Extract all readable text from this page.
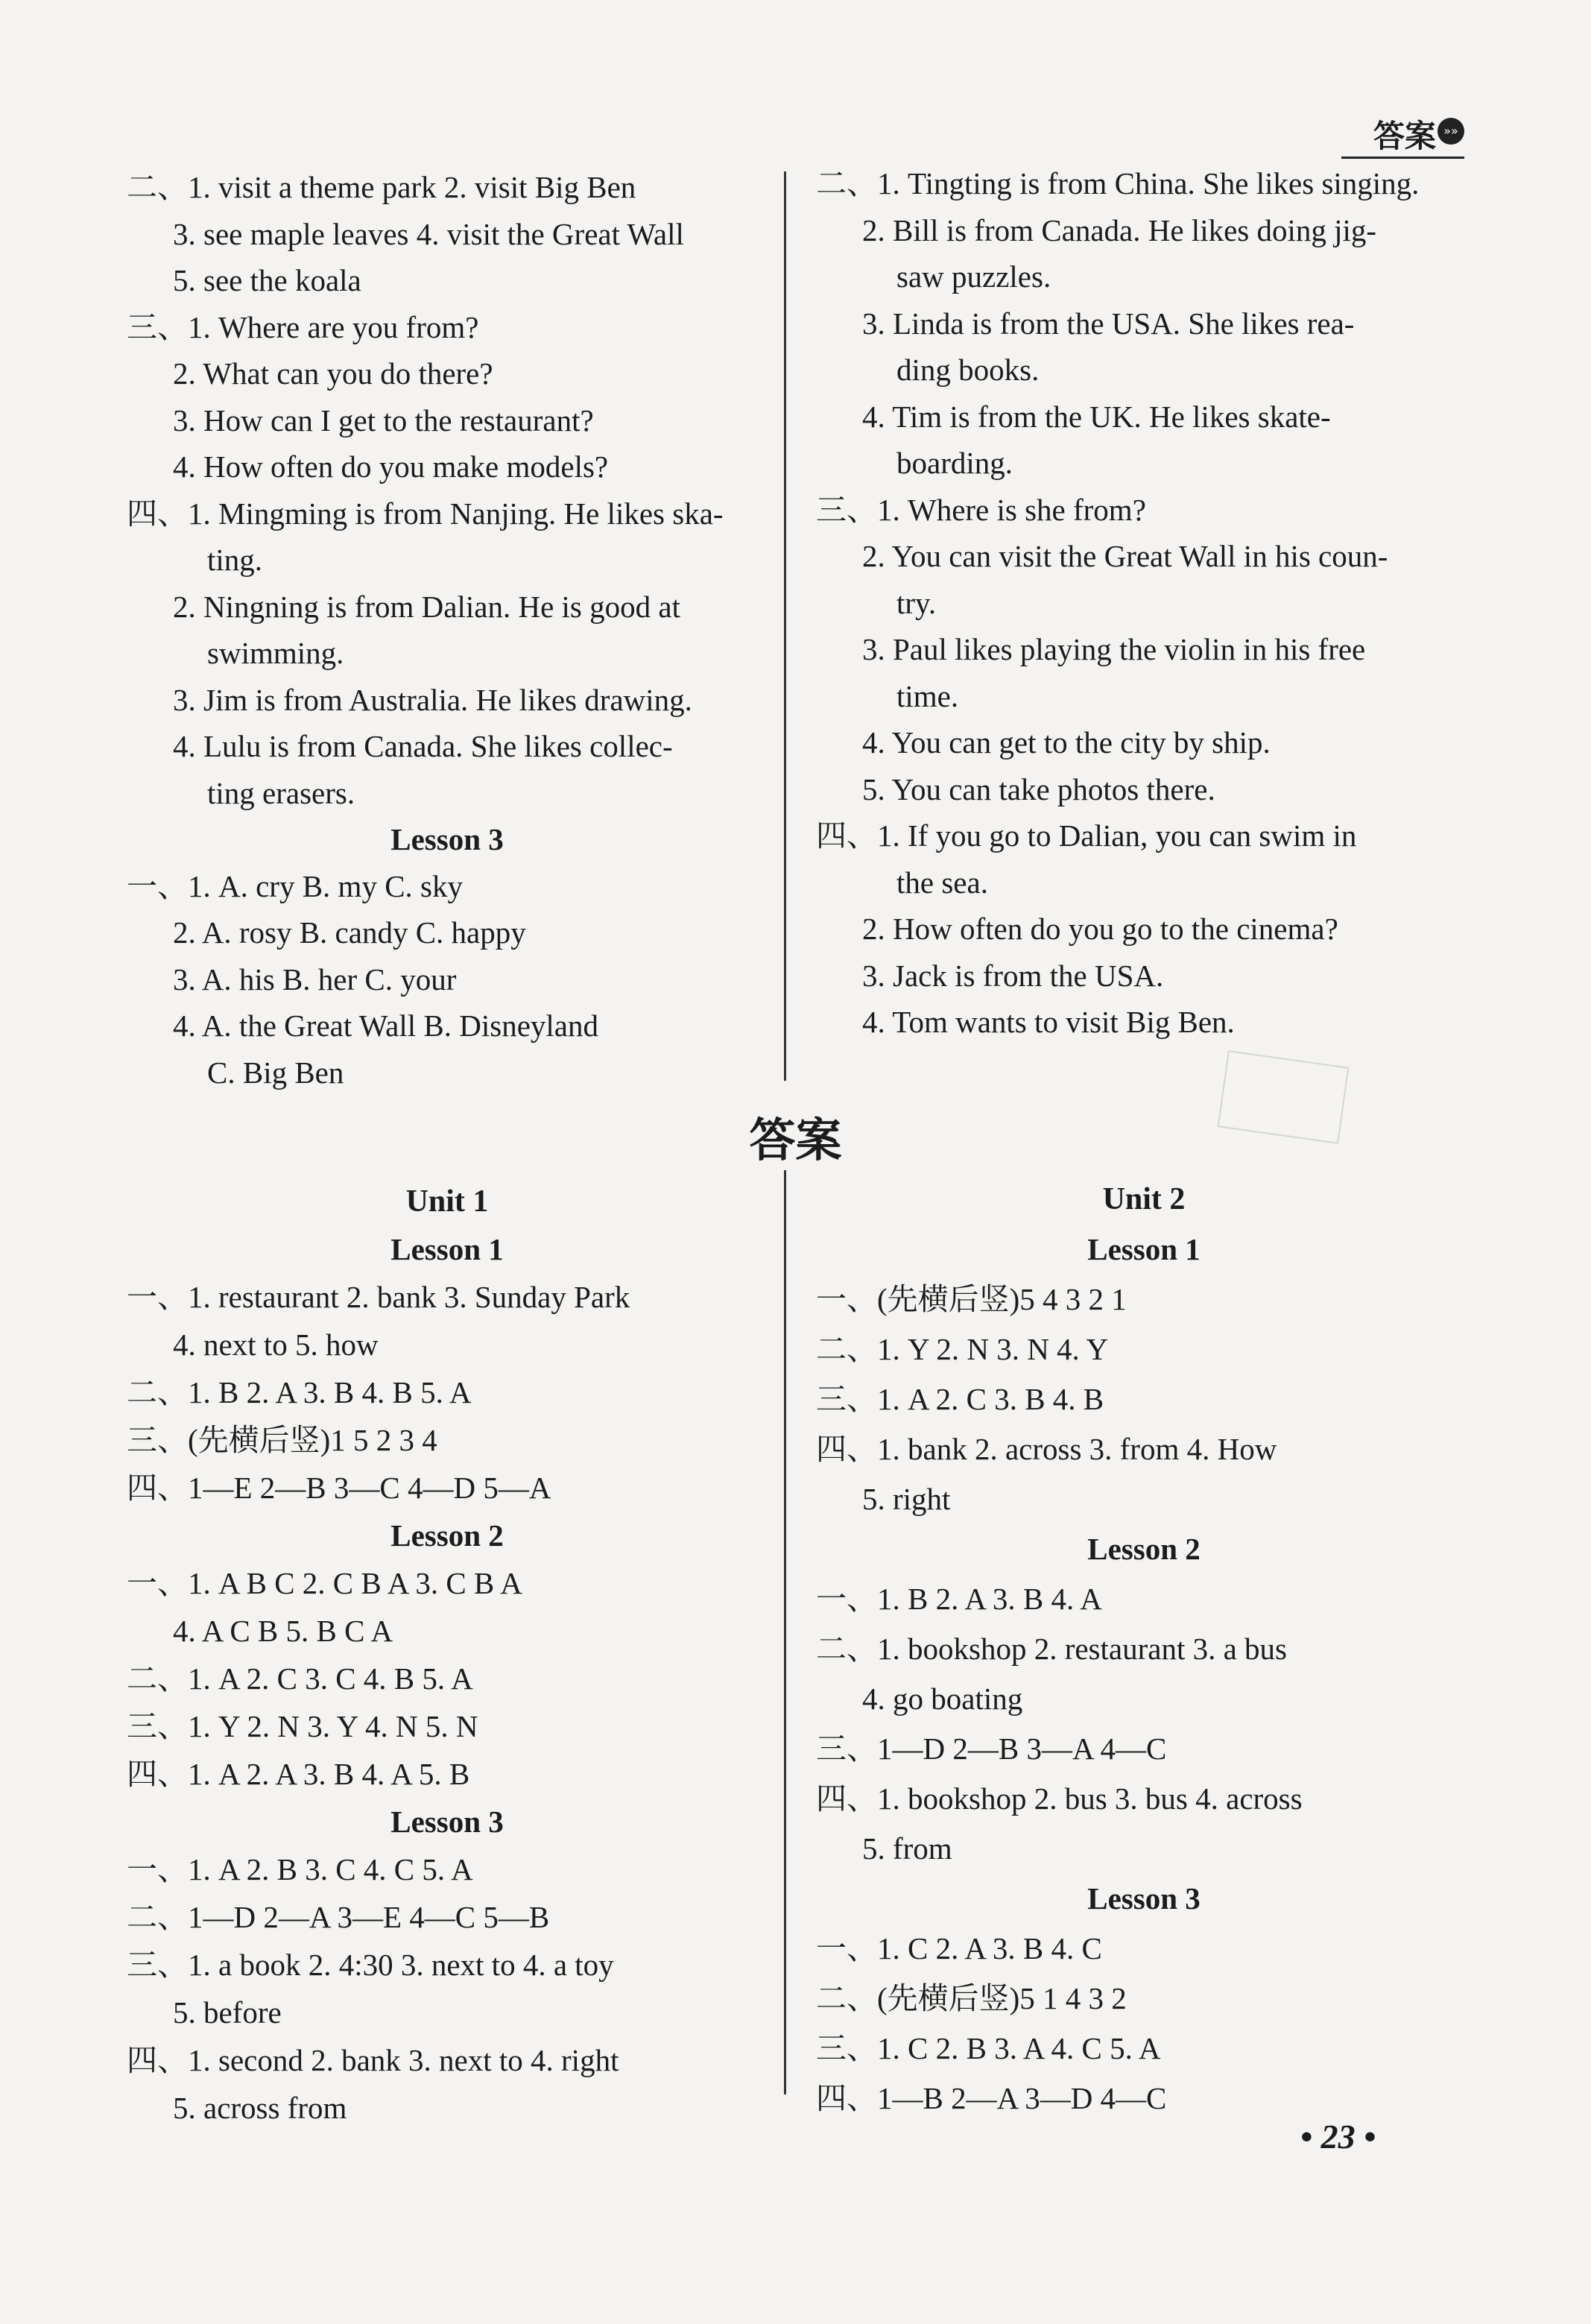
答案 »»
二、1. visit a theme park 2. visit Big Ben
3. see maple leaves 4. visit the Great Wall
5. see the koala
三、1. Where are you from?
2. What can you do there?
3. How can I get to the restaurant?
4. How often do you make models?
四、1. Mingming is from Nanjing. He likes ska-
ting.
2. Ningning is from Dalian. He is good at
swimming.
3. Jim is from Australia. He likes drawing.
4. Lulu is from Canada. She likes collec-
ting erasers.
Lesson 3
一、1. A. cry B. my C. sky
2. A. rosy B. candy C. happy
3. A. his B. her C. your
4. A. the Great Wall B. Disneyland
C. Big Ben
二、1. Tingting is from China. She likes singing.
2. Bill is from Canada. He likes doing jig-
saw puzzles.
3. Linda is from the USA. She likes rea-
ding books.
4. Tim is from the UK. He likes skate-
boarding.
三、1. Where is she from?
2. You can visit the Great Wall in his coun-
try.
3. Paul likes playing the violin in his free
time.
4. You can get to the city by ship.
5. You can take photos there.
四、1. If you go to Dalian, you can swim in
the sea.
2. How often do you go to the cinema?
3. Jack is from the USA.
4. Tom wants to visit Big Ben.
答案
Unit 1
Lesson 1
一、1. restaurant 2. bank 3. Sunday Park
4. next to 5. how
二、1. B 2. A 3. B 4. B 5. A
三、(先横后竖)1 5 2 3 4
四、1—E 2—B 3—C 4—D 5—A
Lesson 2
一、1. A B C 2. C B A 3. C B A
4. A C B 5. B C A
二、1. A 2. C 3. C 4. B 5. A
三、1. Y 2. N 3. Y 4. N 5. N
四、1. A 2. A 3. B 4. A 5. B
Lesson 3
一、1. A 2. B 3. C 4. C 5. A
二、1—D 2—A 3—E 4—C 5—B
三、1. a book 2. 4:30 3. next to 4. a toy
5. before
四、1. second 2. bank 3. next to 4. right
5. across from
Unit 2
Lesson 1
一、(先横后竖)5 4 3 2 1
二、1. Y 2. N 3. N 4. Y
三、1. A 2. C 3. B 4. B
四、1. bank 2. across 3. from 4. How
5. right
Lesson 2
一、1. B 2. A 3. B 4. A
二、1. bookshop 2. restaurant 3. a bus
4. go boating
三、1—D 2—B 3—A 4—C
四、1. bookshop 2. bus 3. bus 4. across
5. from
Lesson 3
一、1. C 2. A 3. B 4. C
二、(先横后竖)5 1 4 3 2
三、1. C 2. B 3. A 4. C 5. A
四、1—B 2—A 3—D 4—C
• 23 •
